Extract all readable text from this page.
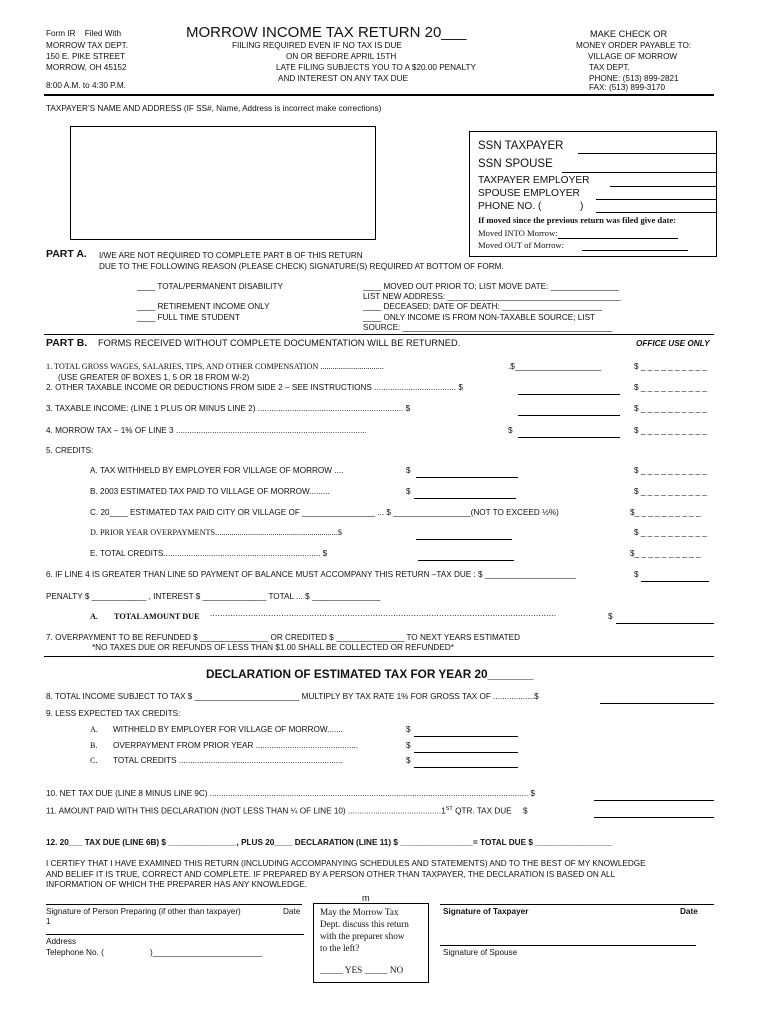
Form IR Filed With
MORROW TAX DEPT.
150 E. PIKE STREET
MORROW, OH 45152
8:00 A.M. to 4:30 P.M.
MORROW INCOME TAX RETURN 20___
FIILING REQUIRED EVEN IF NO TAX IS DUE
ON OR BEFORE APRIL 15TH
LATE FILING SUBJECTS YOU TO A $20.00 PENALTY
AND INTEREST ON ANY TAX DUE
MAKE CHECK OR
MONEY ORDER PAYABLE TO:
VILLAGE OF MORROW
TAX DEPT.
PHONE: (513) 899-2821
FAX: (513) 899-3170
TAXPAYER’S NAME AND ADDRESS (IF SS#, Name, Address is incorrect make corrections)
SSN TAXPAYER
SSN SPOUSE
TAXPAYER EMPLOYER
SPOUSE EMPLOYER
PHONE NO. (	)
If moved since the previous return was filed give date:
Moved INTO Morrow:
Moved OUT of Morrow:
PART A. I/WE ARE NOT REQUIRED TO COMPLETE PART B OF THIS RETURN
DUE TO THE FOLLOWING REASON (PLEASE CHECK) SIGNATURE(S) REQUIRED AT BOTTOM OF FORM.
____ TOTAL/PERMANENT DISABILITY
____ RETIREMENT INCOME ONLY
____ FULL TIME STUDENT
____ MOVED OUT PRIOR TO; LIST MOVE DATE: _______________
LIST NEW ADDRESS: ______________________________________
____ DECEASED: DATE OF DEATH: ______________________
____ ONLY INCOME IS FROM NON-TAXABLE SOURCE; LIST
SOURCE: ______________________________________________
PART B. FORMS RECEIVED WITHOUT COMPLETE DOCUMENTATION WILL BE RETURNED.	OFFICE USE ONLY
1. TOTAL GROSS WAGES, SALARIES, TIPS, AND OTHER COMPENSATION ...............................	.$___________________	$ _ _ _ _ _ _ _ _ _ _
(USE GREATER 0F BOXES 1, 5 OR 18 FROM W-2)
2. OTHER TAXABLE INCOME OR DEDUCTIONS FROM SIDE 2 – SEE INSTRUCTIONS .................................... $	$ _ _ _ _ _ _ _ _ _ _
3. TAXABLE INCOME: (LINE 1 PLUS OR MINUS LINE 2) ................................................................ $	$ _ _ _ _ _ _ _ _ _ _
4. MORROW TAX – 1% OF LINE 3 ....................................................................................	$	$ _ _ _ _ _ _ _ _ _ _
5. CREDITS:
A. TAX WITHHELD BY EMPLOYER FOR VILLAGE OF MORROW ....	$	$ _ _ _ _ _ _ _ _ _ _
B. 2003 ESTIMATED TAX PAID TO VILLAGE OF MORROW.........	$	$ _ _ _ _ _ _ _ _ _ _
C. 20____ ESTIMATED TAX PAID CITY OR VILLAGE OF ________________ ... $ _________________(NOT TO EXCEED ½%)	$_ _ _ _ _ _ _ _ _ _
D. PRIOR YEAR OVERPAYMENTS............................................................$	$ _ _ _ _ _ _ _ _ _ _
E. TOTAL CREDITS..................................................................... $	$_ _ _ _ _ _ _ _ _ _
6. IF LINE 4 IS GREATER THAN LINE 5D PAYMENT OF BALANCE MUST ACCOMPANY THIS RETURN –TAX DUE : $ ____________________	$
PENALTY $ ____________ , INTEREST $ ______________ TOTAL ... $ _______________
A. TOTAL AMOUNT DUE ........................................................................................................................................	$
7. OVERPAYMENT TO BE REFUNDED $ _______________ OR CREDITED $ _______________ TO NEXT YEARS ESTIMATED
*NO TAXES DUE OR REFUNDS OF LESS THAN $1.00 SHALL BE COLLECTED OR REFUNDED*
DECLARATION OF ESTIMATED TAX FOR YEAR 20_______
8. TOTAL INCOME SUBJECT TO TAX $ _______________________ MULTIPLY BY TAX RATE 1% FOR GROSS TAX OF ..................$
9. LESS EXPECTED TAX CREDITS:
A. WITHHELD BY EMPLOYER FOR VILLAGE OF MORROW.......	$
B. OVERPAYMENT FROM PRIOR YEAR .............................................	$
C. TOTAL CREDITS ........................................................................	$
10. NET TAX DUE (LINE 8 MINUS LINE 9C) ............................................................................................................................................ $
11. AMOUNT PAID WITH THIS DECLARATION (NOT LESS THAN ¼ OF LINE 10) .........................................1ST QTR. TAX DUE $
12. 20___ TAX DUE (LINE 6B) $ _______________, PLUS 20____ DECLARATION (LINE 11) $ ________________= TOTAL DUE $ _________________
I CERTIFY THAT I HAVE EXAMINED THIS RETURN (INCLUDING ACCOMPANYING SCHEDULES AND STATEMENTS) AND TO THE BEST OF MY KNOWLEDGE
AND BELIEF IT IS TRUE, CORRECT AND COMPLETE. IF PREPARED BY A PERSON OTHER THAN TAXPAYER, THE DECLARATION IS BASED ON ALL
INFORMATION OF WHICH THE PREPARER HAS ANY KNOWLEDGE.
m
Signature of Person Preparing (if other than taxpayer)	Date
1
Address
Telephone No. (	)________________________
May the Morrow Tax
Dept. discuss this return
with the preparer show
to the left?
_____ YES _____ NO
Signature of Taxpayer	Date
Signature of Spouse
